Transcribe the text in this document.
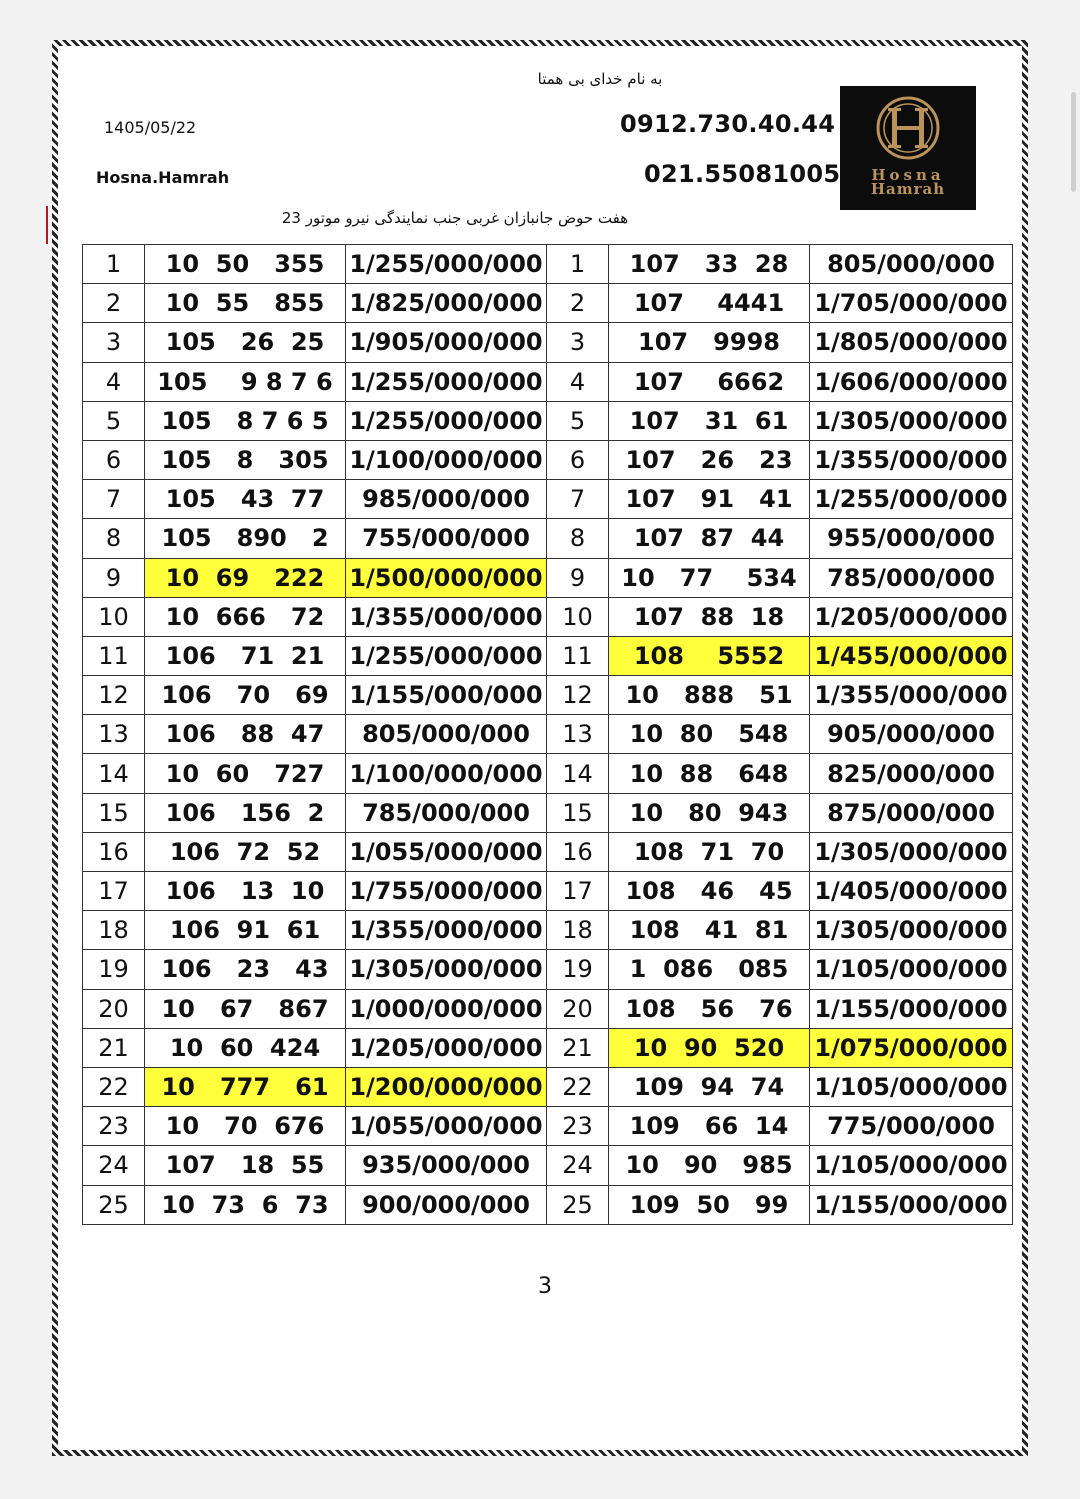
به نام خدای بی همتا
1405/05/22
Hosna.Hamrah
0912.730.40.44
021.55081005	Hosna
Hamrah
هفت حوض جانبازان غربی جنب نمایندگی نیرو موتور 23
1	10  50   355	1/255/000/000	1	107   33  28	805/000/000
2	10  55   855	1/825/000/000	2	107    4441	1/705/000/000
3	105   26  25	1/905/000/000	3	107   9998	1/805/000/000
4	105    9 8 7 6	1/255/000/000	4	107    6662	1/606/000/000
5	105   8 7 6 5	1/255/000/000	5	107   31  61	1/305/000/000
6	105   8   305	1/100/000/000	6	107   26   23	1/355/000/000
7	105   43  77	985/000/000	7	107   91   41	1/255/000/000
8	105   890   2	755/000/000	8	107  87  44	955/000/000
9	10  69   222	1/500/000/000	9	10   77    534	785/000/000
10	10  666   72	1/355/000/000	10	107  88  18	1/205/000/000
11	106   71  21	1/255/000/000	11	108    5552	1/455/000/000
12	106   70   69	1/155/000/000	12	10   888   51	1/355/000/000
13	106   88  47	805/000/000	13	10  80   548	905/000/000
14	10  60   727	1/100/000/000	14	10  88   648	825/000/000
15	106   156  2	785/000/000	15	10   80  943	875/000/000
16	106  72  52	1/055/000/000	16	108  71  70	1/305/000/000
17	106   13  10	1/755/000/000	17	108   46   45	1/405/000/000
18	106  91  61	1/355/000/000	18	108   41  81	1/305/000/000
19	106   23   43	1/305/000/000	19	1  086   085	1/105/000/000
20	10   67   867	1/000/000/000	20	108   56   76	1/155/000/000
21	10  60  424	1/205/000/000	21	10  90  520	1/075/000/000
22	10   777   61	1/200/000/000	22	109  94  74	1/105/000/000
23	10   70  676	1/055/000/000	23	109   66  14	775/000/000
24	107   18  55	935/000/000	24	10   90   985	1/105/000/000
25	10  73  6  73	900/000/000	25	109  50   99	1/155/000/000
3
